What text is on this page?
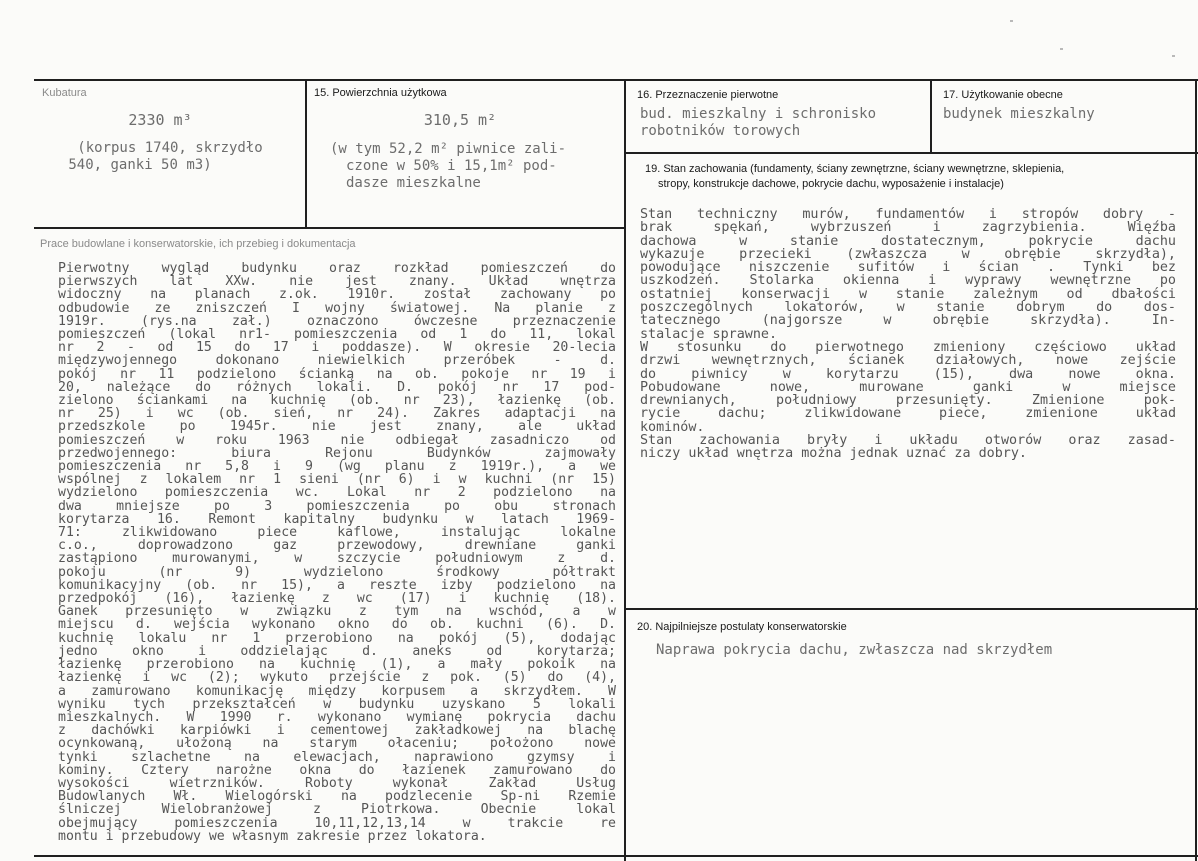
Kubatura
2330 m³
(korpus 1740, skrzydło
540, ganki 50 m3)
15. Powierzchnia użytkowa
310,5 m²
(w tym 52,2 m² piwnice zali-
czone w 50% i 15,1m² pod-
dasze mieszkalne
16. Przeznaczenie pierwotne
bud. mieszkalny i schronisko
robotników torowych
17. Użytkowanie obecne
budynek mieszkalny
Prace budowlane i konserwatorskie, ich przebieg i dokumentacja
Pierwotny wygląd budynku oraz rozkład pomieszczeń do
pierwszych lat XXw. nie jest znany. Układ wnętrza
widoczny na planach z.ok. 1910r. został zachowany po
odbudowie ze zniszczeń I wojny światowej. Na planie z
1919r. (rys.na zał.) oznaczono ówczesne przeznaczenie
pomieszczeń (lokal nr1- pomieszczenia od 1 do 11, lokal
nr 2 - od 15 do 17 i poddasze). W okresie 20-lecia
międzywojennego dokonano niewielkich przeróbek - d.
pokój nr 11 podzielono ścianką na ob. pokoje nr 19 i
20, należące do różnych lokali. D. pokój nr 17 pod-
zielono ściankami na kuchnię (ob. nr 23), łazienkę (ob.
nr 25) i wc (ob. sień, nr 24). Zakres adaptacji na
przedszkole po 1945r. nie jest znany, ale układ
pomieszczeń w roku 1963 nie odbiegał zasadniczo od
przedwojennego: biura Rejonu Budynków zajmowały
pomieszczenia nr 5,8 i 9 (wg planu z 1919r.), a we
wspólnej z lokalem nr 1 sieni (nr 6) i w kuchni (nr 15)
wydzielono pomieszczenia wc. Lokal nr 2 podzielono na
dwa mniejsze po 3 pomieszczenia po obu stronach
korytarza 16. Remont kapitalny budynku w latach 1969-
71: zlikwidowano piece kaflowe, instalując lokalne
c.o., doprowadzono gaz przewodowy, drewniane ganki
zastąpiono murowanymi, w szczycie południowym z d.
pokoju (nr 9) wydzielono środkowy półtrakt
komunikacyjny (ob. nr 15), a reszte izby podzielono na
przedpokój (16), łazienkę z wc (17) i kuchnię (18).
Ganek przesunięto w związku z tym na wschód, a w
miejscu d. wejścia wykonano okno do ob. kuchni (6). D.
kuchnię lokalu nr 1 przerobiono na pokój (5), dodając
jedno okno i oddzielając d. aneks od korytarza;
łazienkę przerobiono na kuchnię (1), a mały pokoik na
łazienkę i wc (2); wykuto przejście z pok. (5) do (4),
a zamurowano komunikację między korpusem a skrzydłem. W
wyniku tych przekształceń w budynku uzyskano 5 lokali
mieszkalnych. W 1990 r. wykonano wymianę pokrycia dachu
z dachówki karpiówki i cementowej zakładkowej na blachę
ocynkowaną, ułożoną na starym ołaceniu; położono nowe
tynki szlachetne na elewacjach, naprawiono gzymsy i
kominy. Cztery narożne okna do łazienek zamurowano do
wysokości wietrzników. Roboty wykonał Zakład Usług
Budowlanych Wł. Wielogórski na podzlecenie Sp-ni Rzemie
ślniczej Wielobranżowej z Piotrkowa. Obecnie lokal
obejmujący pomieszczenia 10,11,12,13,14 w trakcie re
montu i przebudowy we własnym zakresie przez lokatora.
19. Stan zachowania (fundamenty, ściany zewnętrzne, ściany wewnętrzne, sklepienia,
stropy, konstrukcje dachowe, pokrycie dachu, wyposażenie i instalacje)
Stan techniczny murów, fundamentów i stropów dobry -
brak spękań, wybrzuszeń i zagrzybienia. Więźba
dachowa w stanie dostatecznym, pokrycie dachu
wykazuje przecieki (zwłaszcza w obrębie skrzydła),
powodujące niszczenie sufitów i ścian . Tynki bez
uszkodzeń. Stolarka okienna i wyprawy wewnętrzne po
ostatniej konserwacji w stanie zależnym od dbałości
poszczególnych lokatorów, w stanie dobrym do dos-
tatecznego (najgorsze w obrębie skrzydła). In-
stalacje sprawne.
W stosunku do pierwotnego zmieniony częściowo układ
drzwi wewnętrznych, ścianek działowych, nowe zejście
do piwnicy w korytarzu (15), dwa nowe okna.
Pobudowane nowe, murowane ganki w miejsce
drewnianych, południowy przesunięty. Zmienione pok-
rycie dachu; zlikwidowane piece, zmienione układ
kominów.
Stan zachowania bryły i układu otworów oraz zasad-
niczy układ wnętrza można jednak uznać za dobry.
20. Najpilniejsze postulaty konserwatorskie
Naprawa pokrycia dachu, zwłaszcza nad skrzydłem
